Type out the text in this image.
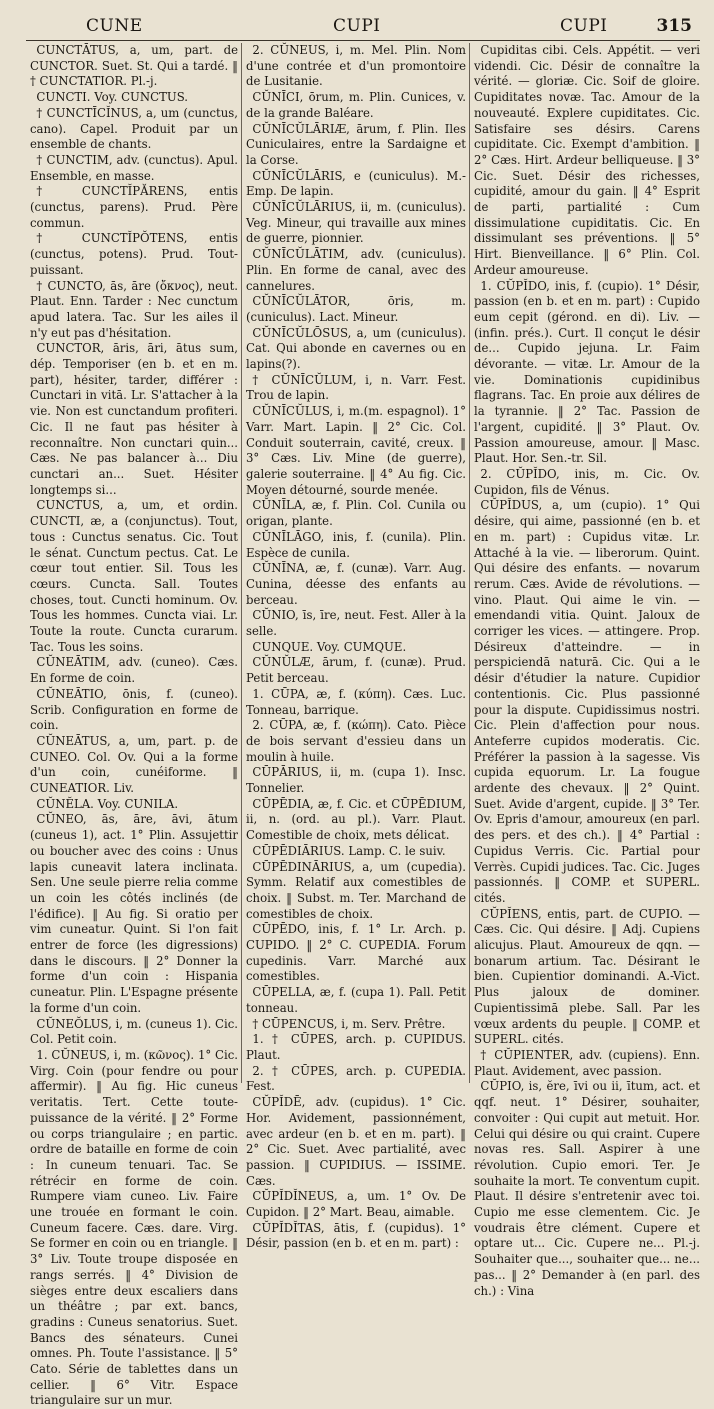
CUNE	CUPI	CUPI	315

CUNCTĀTUS, a, um, part. de CUNCTOR. Suet. St. Qui a tardé. ‖ † CUNCTATIOR. Pl.-j.

CUNCTI. Voy. CUNCTUS.

† CUNCTĪCĬNUS, a, um (cunctus, cano). Capel. Produit par un ensemble de chants.

† CUNCTIM, adv. (cunctus). Apul. Ensemble, en masse.

† CUNCTĬPĂRENS, entis (cunctus, parens). Prud. Père commun.

† CUNCTĬPŎTENS, entis (cunctus, potens). Prud. Tout-puissant.

† CUNCTO, ās, āre (ὄκνος), neut. Plaut. Enn. Tarder : Nec cunctum apud latera. Tac. Sur les ailes il n'y eut pas d'hésitation.

CUNCTOR, āris, āri, ātus sum, dép. Temporiser (en b. et en m. part), hésiter, tarder, différer : Cunctari in vitā. Lr. S'attacher à la vie. Non est cunctandum profiteri. Cic. Il ne faut pas hésiter à reconnaître. Non cunctari quin... Cæs. Ne pas balancer à... Diu cunctari an... Suet. Hésiter longtemps si...

CUNCTUS, a, um, et ordin. CUNCTI, æ, a (conjunctus). Tout, tous : Cunctus senatus. Cic. Tout le sénat. Cunctum pectus. Cat. Le cœur tout entier. Sil. Tous les cœurs. Cuncta. Sall. Toutes choses, tout. Cuncti hominum. Ov. Tous les hommes. Cuncta viai. Lr. Toute la route. Cuncta curarum. Tac. Tous les soins.

CŬNEĀTIM, adv. (cuneo). Cæs. En forme de coin.

CŬNEĀTIO, ōnis, f. (cuneo). Scrib. Configuration en forme de coin.

CŬNEĀTUS, a, um, part. p. de CUNEO. Col. Ov. Qui a la forme d'un coin, cunéiforme. ‖ CUNEATIOR. Liv.

CŬNĔLA. Voy. CUNILA.

CŬNEO, ās, āre, āvi, ātum (cuneus 1), act. 1° Plin. Assujettir ou boucher avec des coins : Unus lapis cuneavit latera inclinata. Sen. Une seule pierre relia comme un coin les côtés inclinés (de l'édifice). ‖ Au fig. Si oratio per vim cuneatur. Quint. Si l'on fait entrer de force (les digressions) dans le discours. ‖ 2° Donner la forme d'un coin : Hispania cuneatur. Plin. L'Espagne présente la forme d'un coin.

CŬNEŎLUS, i, m. (cuneus 1). Cic. Col. Petit coin.

1. CŬNEUS, i, m. (κῶνος). 1° Cic. Virg. Coin (pour fendre ou pour affermir). ‖ Au fig. Hic cuneus veritatis. Tert. Cette toute-puissance de la vérité. ‖ 2° Forme ou corps triangulaire ; en partic. ordre de bataille en forme de coin : In cuneum tenuari. Tac. Se rétrécir en forme de coin. Rumpere viam cuneo. Liv. Faire une trouée en formant le coin. Cuneum facere. Cæs. dare. Virg. Se former en coin ou en triangle. ‖ 3° Liv. Toute troupe disposée en rangs serrés. ‖ 4° Division de sièges entre deux escaliers dans un théâtre ; par ext. bancs, gradins : Cuneus senatorius. Suet. Bancs des sénateurs. Cunei omnes. Ph. Toute l'assistance. ‖ 5° Cato. Série de tablettes dans un cellier. ‖ 6° Vitr. Espace triangulaire sur un mur.

2. CŬNEUS, i, m. Mel. Plin. Nom d'une contrée et d'un promontoire de Lusitanie.

CŬNĪCI, ōrum, m. Plin. Cunices, v. de la grande Baléare.

CŬNĪCŬLĀRIÆ, ārum, f. Plin. Iles Cuniculaires, entre la Sardaigne et la Corse.

CŬNĪCŬLĀRIS, e (cuniculus). M.-Emp. De lapin.

CŬNĪCŬLĀRIUS, ii, m. (cuniculus). Veg. Mineur, qui travaille aux mines de guerre, pionnier.

CŬNĪCŬLĀTIM, adv. (cuniculus). Plin. En forme de canal, avec des cannelures.

CŬNĪCŬLĀTOR, ōris, m. (cuniculus). Lact. Mineur.

CŬNĪCŬLŌSUS, a, um (cuniculus). Cat. Qui abonde en cavernes ou en lapins(?).

† CŬNĪCŬLUM, i, n. Varr. Fest. Trou de lapin.

CŬNĪCŬLUS, i, m.(m. espagnol). 1° Varr. Mart. Lapin. ‖ 2° Cic. Col. Conduit souterrain, cavité, creux. ‖ 3° Cæs. Liv. Mine (de guerre), galerie souterraine. ‖ 4° Au fig. Cic. Moyen détourné, sourde menée.

CŬNĪLA, æ, f. Plin. Col. Cunila ou origan, plante.

CŬNĪLĀGO, inis, f. (cunila). Plin. Espèce de cunila.

CŬNĪNA, æ, f. (cunæ). Varr. Aug. Cunina, déesse des enfants au berceau.

CŬNIO, īs, īre, neut. Fest. Aller à la selle.

CUNQUE. Voy. CUMQUE.

CŬNŬLÆ, ārum, f. (cunæ). Prud. Petit berceau.

1. CŪPA, æ, f. (κύπη). Cæs. Luc. Tonneau, barrique.

2. CŪPA, æ, f. (κώπη). Cato. Pièce de bois servant d'essieu dans un moulin à huile.

CŪPĀRIUS, ii, m. (cupa 1). Insc. Tonnelier.

CŪPĒDIA, æ, f. Cic. et CŪPĒDIUM, ii, n. (ord. au pl.). Varr. Plaut. Comestible de choix, mets délicat.

CŪPĒDIĀRIUS. Lamp. C. le suiv.

CŪPĒDINĀRIUS, a, um (cupedia). Symm. Relatif aux comestibles de choix. ‖ Subst. m. Ter. Marchand de comestibles de choix.

CŪPĒDO, inis, f. 1° Lr. Arch. p. CUPIDO. ‖ 2° C. CUPEDIA. Forum cupedinis. Varr. Marché aux comestibles.

CŪPELLA, æ, f. (cupa 1). Pall. Petit tonneau.

† CŪPENCUS, i, m. Serv. Prêtre.

1. † CŪPES, arch. p. CUPIDUS. Plaut.

2. † CŪPES, arch. p. CUPEDIA. Fest.

CŬPĬDĒ, adv. (cupidus). 1° Cic. Hor. Avidement, passionnément, avec ardeur (en b. et en m. part). ‖ 2° Cic. Suet. Avec partialité, avec passion. ‖ CUPIDIUS. — ISSIME. Cæs.

CŬPĬDĬNEUS, a, um. 1° Ov. De Cupidon. ‖ 2° Mart. Beau, aimable.

CŬPĬDĬTAS, ātis, f. (cupidus). 1° Désir, passion (en b. et en m. part) :

Cupiditas cibi. Cels. Appétit. — veri videndi. Cic. Désir de connaître la vérité. — gloriæ. Cic. Soif de gloire. Cupiditates novæ. Tac. Amour de la nouveauté. Explere cupiditates. Cic. Satisfaire ses désirs. Carens cupiditate. Cic. Exempt d'ambition. ‖ 2° Cæs. Hirt. Ardeur belliqueuse. ‖ 3° Cic. Suet. Désir des richesses, cupidité, amour du gain. ‖ 4° Esprit de parti, partialité : Cum dissimulatione cupiditatis. Cic. En dissimulant ses préventions. ‖ 5° Hirt. Bienveillance. ‖ 6° Plin. Col. Ardeur amoureuse.

1. CŬPĬDO, inis, f. (cupio). 1° Désir, passion (en b. et en m. part) : Cupido eum cepit (gérond. en di). Liv. — (infin. prés.). Curt. Il conçut le désir de... Cupido jejuna. Lr. Faim dévorante. — vitæ. Lr. Amour de la vie. Dominationis cupidinibus flagrans. Tac. En proie aux délires de la tyrannie. ‖ 2° Tac. Passion de l'argent, cupidité. ‖ 3° Plaut. Ov. Passion amoureuse, amour. ‖ Masc. Plaut. Hor. Sen.-tr. Sil.

2. CŬPĬDO, inis, m. Cic. Ov. Cupidon, fils de Vénus.

CŬPĬDUS, a, um (cupio). 1° Qui désire, qui aime, passionné (en b. et en m. part) : Cupidus vitæ. Lr. Attaché à la vie. — liberorum. Quint. Qui désire des enfants. — novarum rerum. Cæs. Avide de révolutions. — vino. Plaut. Qui aime le vin. — emendandi vitia. Quint. Jaloux de corriger les vices. — attingere. Prop. Désireux d'atteindre. — in perspiciendā naturā. Cic. Qui a le désir d'étudier la nature. Cupidior contentionis. Cic. Plus passionné pour la dispute. Cupidissimus nostri. Cic. Plein d'affection pour nous. Anteferre cupidos moderatis. Cic. Préférer la passion à la sagesse. Vis cupida equorum. Lr. La fougue ardente des chevaux. ‖ 2° Quint. Suet. Avide d'argent, cupide. ‖ 3° Ter. Ov. Epris d'amour, amoureux (en parl. des pers. et des ch.). ‖ 4° Partial : Cupidus Verris. Cic. Partial pour Verrès. Cupidi judices. Tac. Cic. Juges passionnés. ‖ COMP. et SUPERL. cités.

CŬPĬENS, entis, part. de CUPIO. — Cæs. Cic. Qui désire. ‖ Adj. Cupiens alicujus. Plaut. Amoureux de qqn. — bonarum artium. Tac. Désirant le bien. Cupientior dominandi. A.-Vict. Plus jaloux de dominer. Cupientissimā plebe. Sall. Par les vœux ardents du peuple. ‖ COMP. et SUPERL. cités.

† CŬPIENTER, adv. (cupiens). Enn. Plaut. Avidement, avec passion.

CŬPIO, is, ĕre, īvi ou ii, ītum, act. et qqf. neut. 1° Désirer, souhaiter, convoiter : Qui cupit aut metuit. Hor. Celui qui désire ou qui craint. Cupere novas res. Sall. Aspirer à une révolution. Cupio emori. Ter. Je souhaite la mort. Te conventum cupit. Plaut. Il désire s'entretenir avec toi. Cupio me esse clementem. Cic. Je voudrais être clément. Cupere et optare ut... Cic. Cupere ne... Pl.-j. Souhaiter que..., souhaiter que... ne... pas... ‖ 2° Demander à (en parl. des ch.) : Vina
